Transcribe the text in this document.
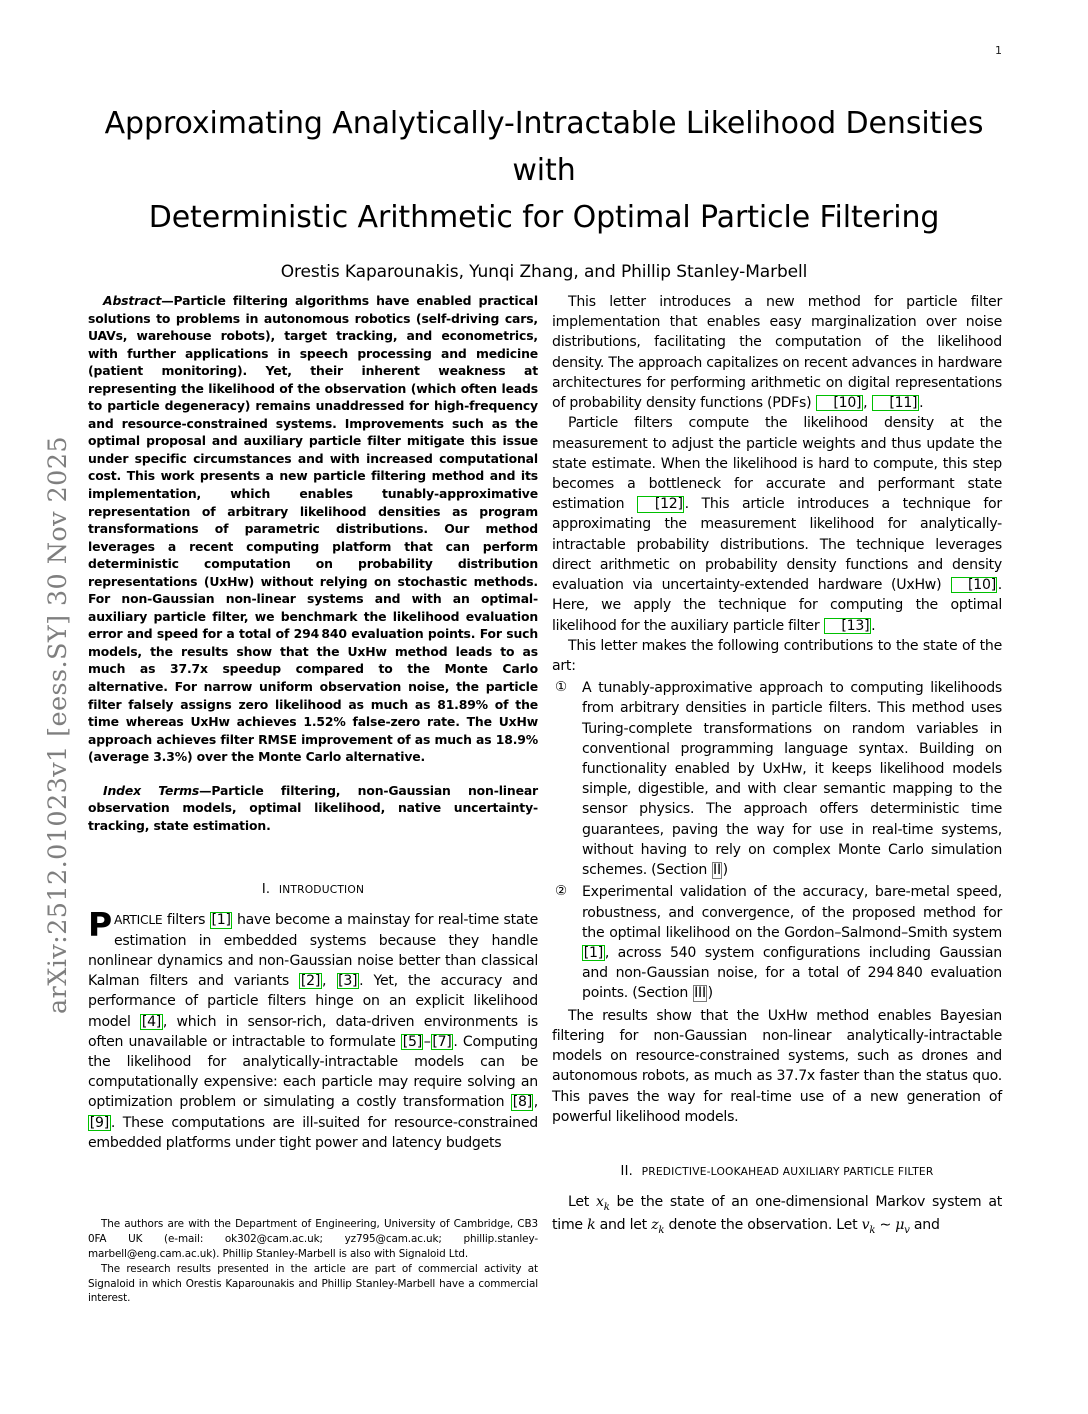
1
arXiv:2512.01023v1 [eess.SY] 30 Nov 2025
Approximating Analytically-Intractable Likelihood Densities with
Deterministic Arithmetic for Optimal Particle Filtering
Orestis Kaparounakis, Yunqi Zhang, and Phillip Stanley-Marbell

Abstract—Particle filtering algorithms have enabled practical solutions to problems in autonomous robotics (self-driving cars, UAVs, warehouse robots), target tracking, and econometrics, with further applications in speech processing and medicine (patient monitoring). Yet, their inherent weakness at representing the likelihood of the observation (which often leads to particle degeneracy) remains unaddressed for high-frequency and resource-constrained systems. Improvements such as the optimal proposal and auxiliary particle filter mitigate this issue under specific circumstances and with increased computational cost. This work presents a new particle filtering method and its implementation, which enables tunably-approximative representation of arbitrary likelihood densities as program transformations of parametric distributions. Our method leverages a recent computing platform that can perform deterministic computation on probability distribution representations (UxHw) without relying on stochastic methods. For non-Gaussian non-linear systems and with an optimal-auxiliary particle filter, we benchmark the likelihood evaluation error and speed for a total of 294 840 evaluation points. For such models, the results show that the UxHw method leads to as much as 37.7x speedup compared to the Monte Carlo alternative. For narrow uniform observation noise, the particle filter falsely assigns zero likelihood as much as 81.89% of the time whereas UxHw achieves 1.52% false-zero rate. The UxHw approach achieves filter RMSE improvement of as much as 18.9% (average 3.3%) over the Monte Carlo alternative.

Index Terms—Particle filtering, non-Gaussian non-linear observation models, optimal likelihood, native uncertainty-tracking, state estimation.

I. INTRODUCTION

PARTICLE filters [1] have become a mainstay for real-time state estimation in embedded systems because they handle nonlinear dynamics and non-Gaussian noise better than classical Kalman filters and variants [2] , [3] . Yet, the accuracy and performance of particle filters hinge on an explicit likelihood model [4] , which in sensor-rich, data-driven environments is often unavailable or intractable to formulate [5] – [7] . Computing the likelihood for analytically-intractable models can be computationally expensive: each particle may require solving an optimization problem or simulating a costly transformation [8] , [9] . These computations are ill-suited for resource-constrained embedded platforms under tight power and latency budgets

The authors are with the Department of Engineering, University of Cambridge, CB3 0FA UK (e-mail: ok302@cam.ac.uk; yz795@cam.ac.uk; phillip.stanley-marbell@eng.cam.ac.uk). Phillip Stanley-Marbell is also with Signaloid Ltd.

The research results presented in the article are part of commercial activity at Signaloid in which Orestis Kaparounakis and Phillip Stanley-Marbell have a commercial interest.

This letter introduces a new method for particle filter implementation that enables easy marginalization over noise distributions, facilitating the computation of the likelihood density. The approach capitalizes on recent advances in hardware architectures for performing arithmetic on digital representations of probability density functions (PDFs) [10] , [11] .

Particle filters compute the likelihood density at the measurement to adjust the particle weights and thus update the state estimate. When the likelihood is hard to compute, this step becomes a bottleneck for accurate and performant state estimation [12] . This article introduces a technique for approximating the measurement likelihood for analytically-intractable probability distributions. The technique leverages direct arithmetic on probability density functions and density evaluation via uncertainty-extended hardware (UxHw) [10] . Here, we apply the technique for computing the optimal likelihood for the auxiliary particle filter [13] .

This letter makes the following contributions to the state of the art:

① A tunably-approximative approach to computing likelihoods from arbitrary densities in particle filters. This method uses Turing-complete transformations on random variables in conventional programming language syntax. Building on functionality enabled by UxHw, it keeps likelihood models simple, digestible, and with clear semantic mapping to the sensor physics. The approach offers deterministic time guarantees, paving the way for use in real-time systems, without having to rely on complex Monte Carlo simulation schemes. (Section II )
② Experimental validation of the accuracy, bare-metal speed, robustness, and convergence, of the proposed method for the optimal likelihood on the Gordon–Salmond–Smith system [1] , across 540 system configurations including Gaussian and non-Gaussian noise, for a total of 294 840 evaluation points. (Section III )

The results show that the UxHw method enables Bayesian filtering for non-Gaussian non-linear analytically-intractable models on resource-constrained systems, such as drones and autonomous robots, as much as 37.7x faster than the status quo. This paves the way for real-time use of a new generation of powerful likelihood models.

II. PREDICTIVE-LOOKAHEAD AUXILIARY PARTICLE FILTER

Let $x_k$ be the state of an one-dimensional Markov system at time k and let $z_k$ denote the observation. Let $v_k$ ∼ $\mu_v$ and
